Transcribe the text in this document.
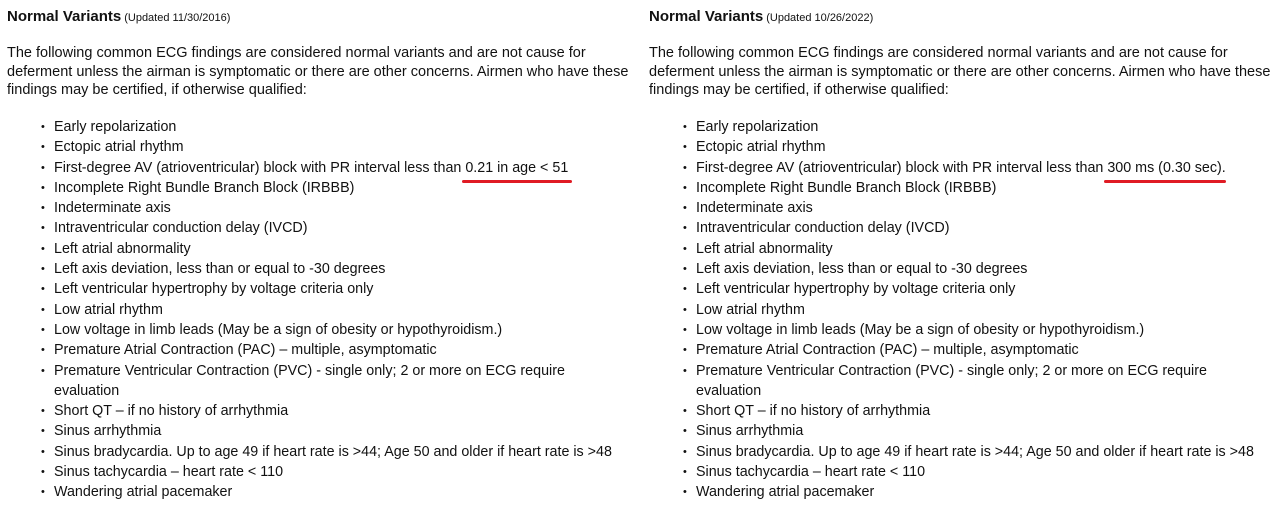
Normal Variants (Updated 11/30/2016)
The following common ECG findings are considered normal variants and are not cause for deferment unless the airman is symptomatic or there are other concerns. Airmen who have these findings may be certified, if otherwise qualified:
• Early repolarization
• Ectopic atrial rhythm
• First-degree AV (atrioventricular) block with PR interval less than 0.21 in age < 51
• Incomplete Right Bundle Branch Block (IRBBB)
• Indeterminate axis
• Intraventricular conduction delay (IVCD)
• Left atrial abnormality
• Left axis deviation, less than or equal to -30 degrees
• Left ventricular hypertrophy by voltage criteria only
• Low atrial rhythm
• Low voltage in limb leads (May be a sign of obesity or hypothyroidism.)
• Premature Atrial Contraction (PAC) – multiple, asymptomatic
• Premature Ventricular Contraction (PVC) - single only; 2 or more on ECG require evaluation
• Short QT – if no history of arrhythmia
• Sinus arrhythmia
• Sinus bradycardia. Up to age 49 if heart rate is >44; Age 50 and older if heart rate is >48
• Sinus tachycardia – heart rate < 110
• Wandering atrial pacemaker
Normal Variants (Updated 10/26/2022)
The following common ECG findings are considered normal variants and are not cause for deferment unless the airman is symptomatic or there are other concerns. Airmen who have these findings may be certified, if otherwise qualified:
• Early repolarization
• Ectopic atrial rhythm
• First-degree AV (atrioventricular) block with PR interval less than 300 ms (0.30 sec)
.
• Incomplete Right Bundle Branch Block (IRBBB)
• Indeterminate axis
• Intraventricular conduction delay (IVCD)
• Left atrial abnormality
• Left axis deviation, less than or equal to -30 degrees
• Left ventricular hypertrophy by voltage criteria only
• Low atrial rhythm
• Low voltage in limb leads (May be a sign of obesity or hypothyroidism.)
• Premature Atrial Contraction (PAC) – multiple, asymptomatic
• Premature Ventricular Contraction (PVC) - single only; 2 or more on ECG require evaluation
• Short QT – if no history of arrhythmia
• Sinus arrhythmia
• Sinus bradycardia. Up to age 49 if heart rate is >44; Age 50 and older if heart rate is >48
• Sinus tachycardia – heart rate < 110
• Wandering atrial pacemaker
